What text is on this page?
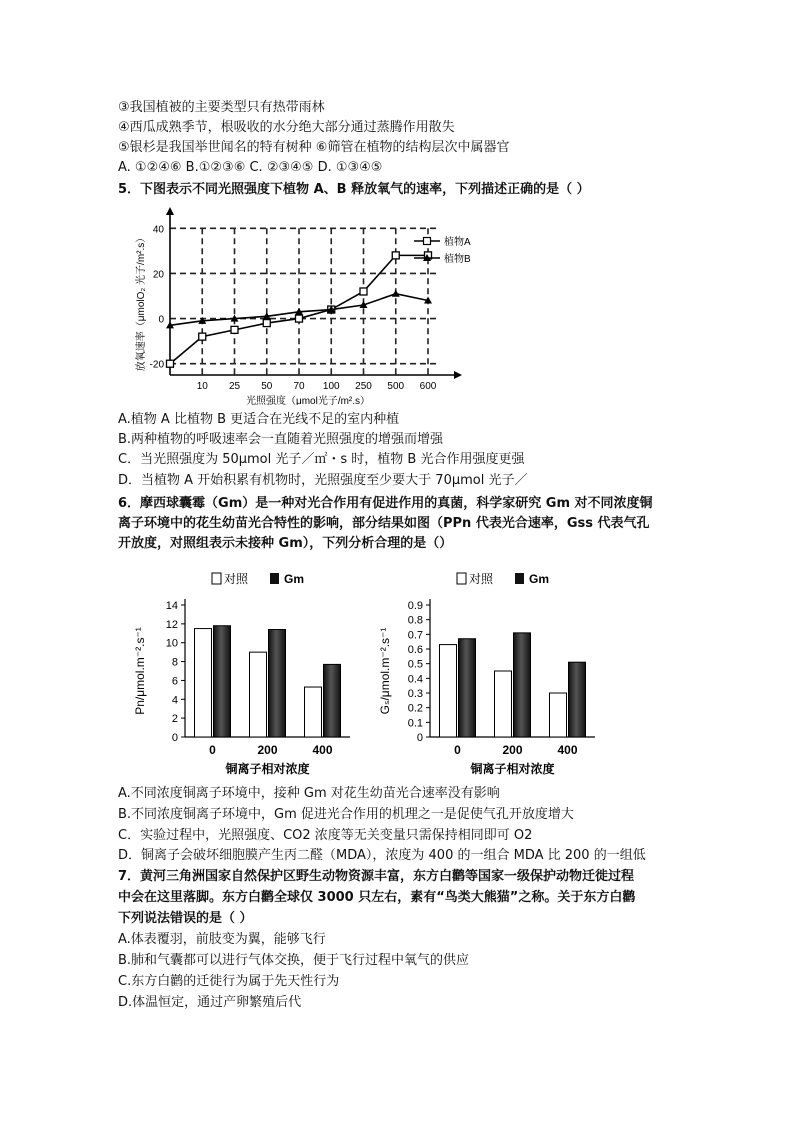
③我国植被的主要类型只有热带雨林

④西瓜成熟季节，根吸收的水分绝大部分通过蒸腾作用散失

⑤银杉是我国举世闻名的特有树种 ⑥筛管在植物的结构层次中属器官

A. ①②④⑥ B.①②③⑥ C. ②③④⑤ D. ①③④⑤

5．下图表示不同光照强度下植物 A、B 释放氧气的速率，下列描述正确的是（ ）

-20
0
20
40
10 25 50 70 100 250 500 600
光照强度（μmol光子/m².s）
放氧速率（μmolO₂ 光子/m².s）	植物A
植物B

A.植物 A 比植物 B 更适合在光线不足的室内种植

B.两种植物的呼吸速率会一直随着光照强度的增强而增强

C．当光照强度为 50μmol 光子／㎡・s 时，植物 B 光合作用强度更强

D．当植物 A 开始积累有机物时，光照强度至少要大于 70μmol 光子／

6．摩西球囊霉（Gm）是一种对光合作用有促进作用的真菌，科学家研究 Gm 对不同浓度铜

离子环境中的花生幼苗光合特性的影响，部分结果如图（PPn 代表光合速率，Gss 代表气孔

开放度，对照组表示未接种 Gm），下列分析合理的是（）

对照	Gm
0
2
4
6
8
10
12
14
0	200	400
铜离子相对浓度
Pn/μmol.m⁻².s⁻¹
对照	Gm
0
0.1
0.2
0.3
0.4
0.5
0.6
0.7
0.8
0.9
0	200	400
铜离子相对浓度
Gₛ/μmol.m⁻².s⁻¹

A.不同浓度铜离子环境中，接种 Gm 对花生幼苗光合速率没有影响

B.不同浓度铜离子环境中，Gm 促进光合作用的机理之一是促使气孔开放度增大

C．实验过程中，光照强度、CO2 浓度等无关变量只需保持相同即可 O2

D．铜离子会破坏细胞膜产生丙二醛（MDA），浓度为 400 的一组合 MDA 比 200 的一组低

7．黄河三角洲国家自然保护区野生动物资源丰富，东方白鹳等国家一级保护动物迁徙过程

中会在这里落脚。东方白鹳全球仅 3000 只左右，素有“鸟类大熊猫”之称。关于东方白鹳

下列说法错误的是（ ）

A.体表覆羽，前肢变为翼，能够飞行

B.肺和气囊都可以进行气体交换，便于飞行过程中氧气的供应

C.东方白鹳的迁徙行为属于先天性行为

D.体温恒定，通过产卵繁殖后代
